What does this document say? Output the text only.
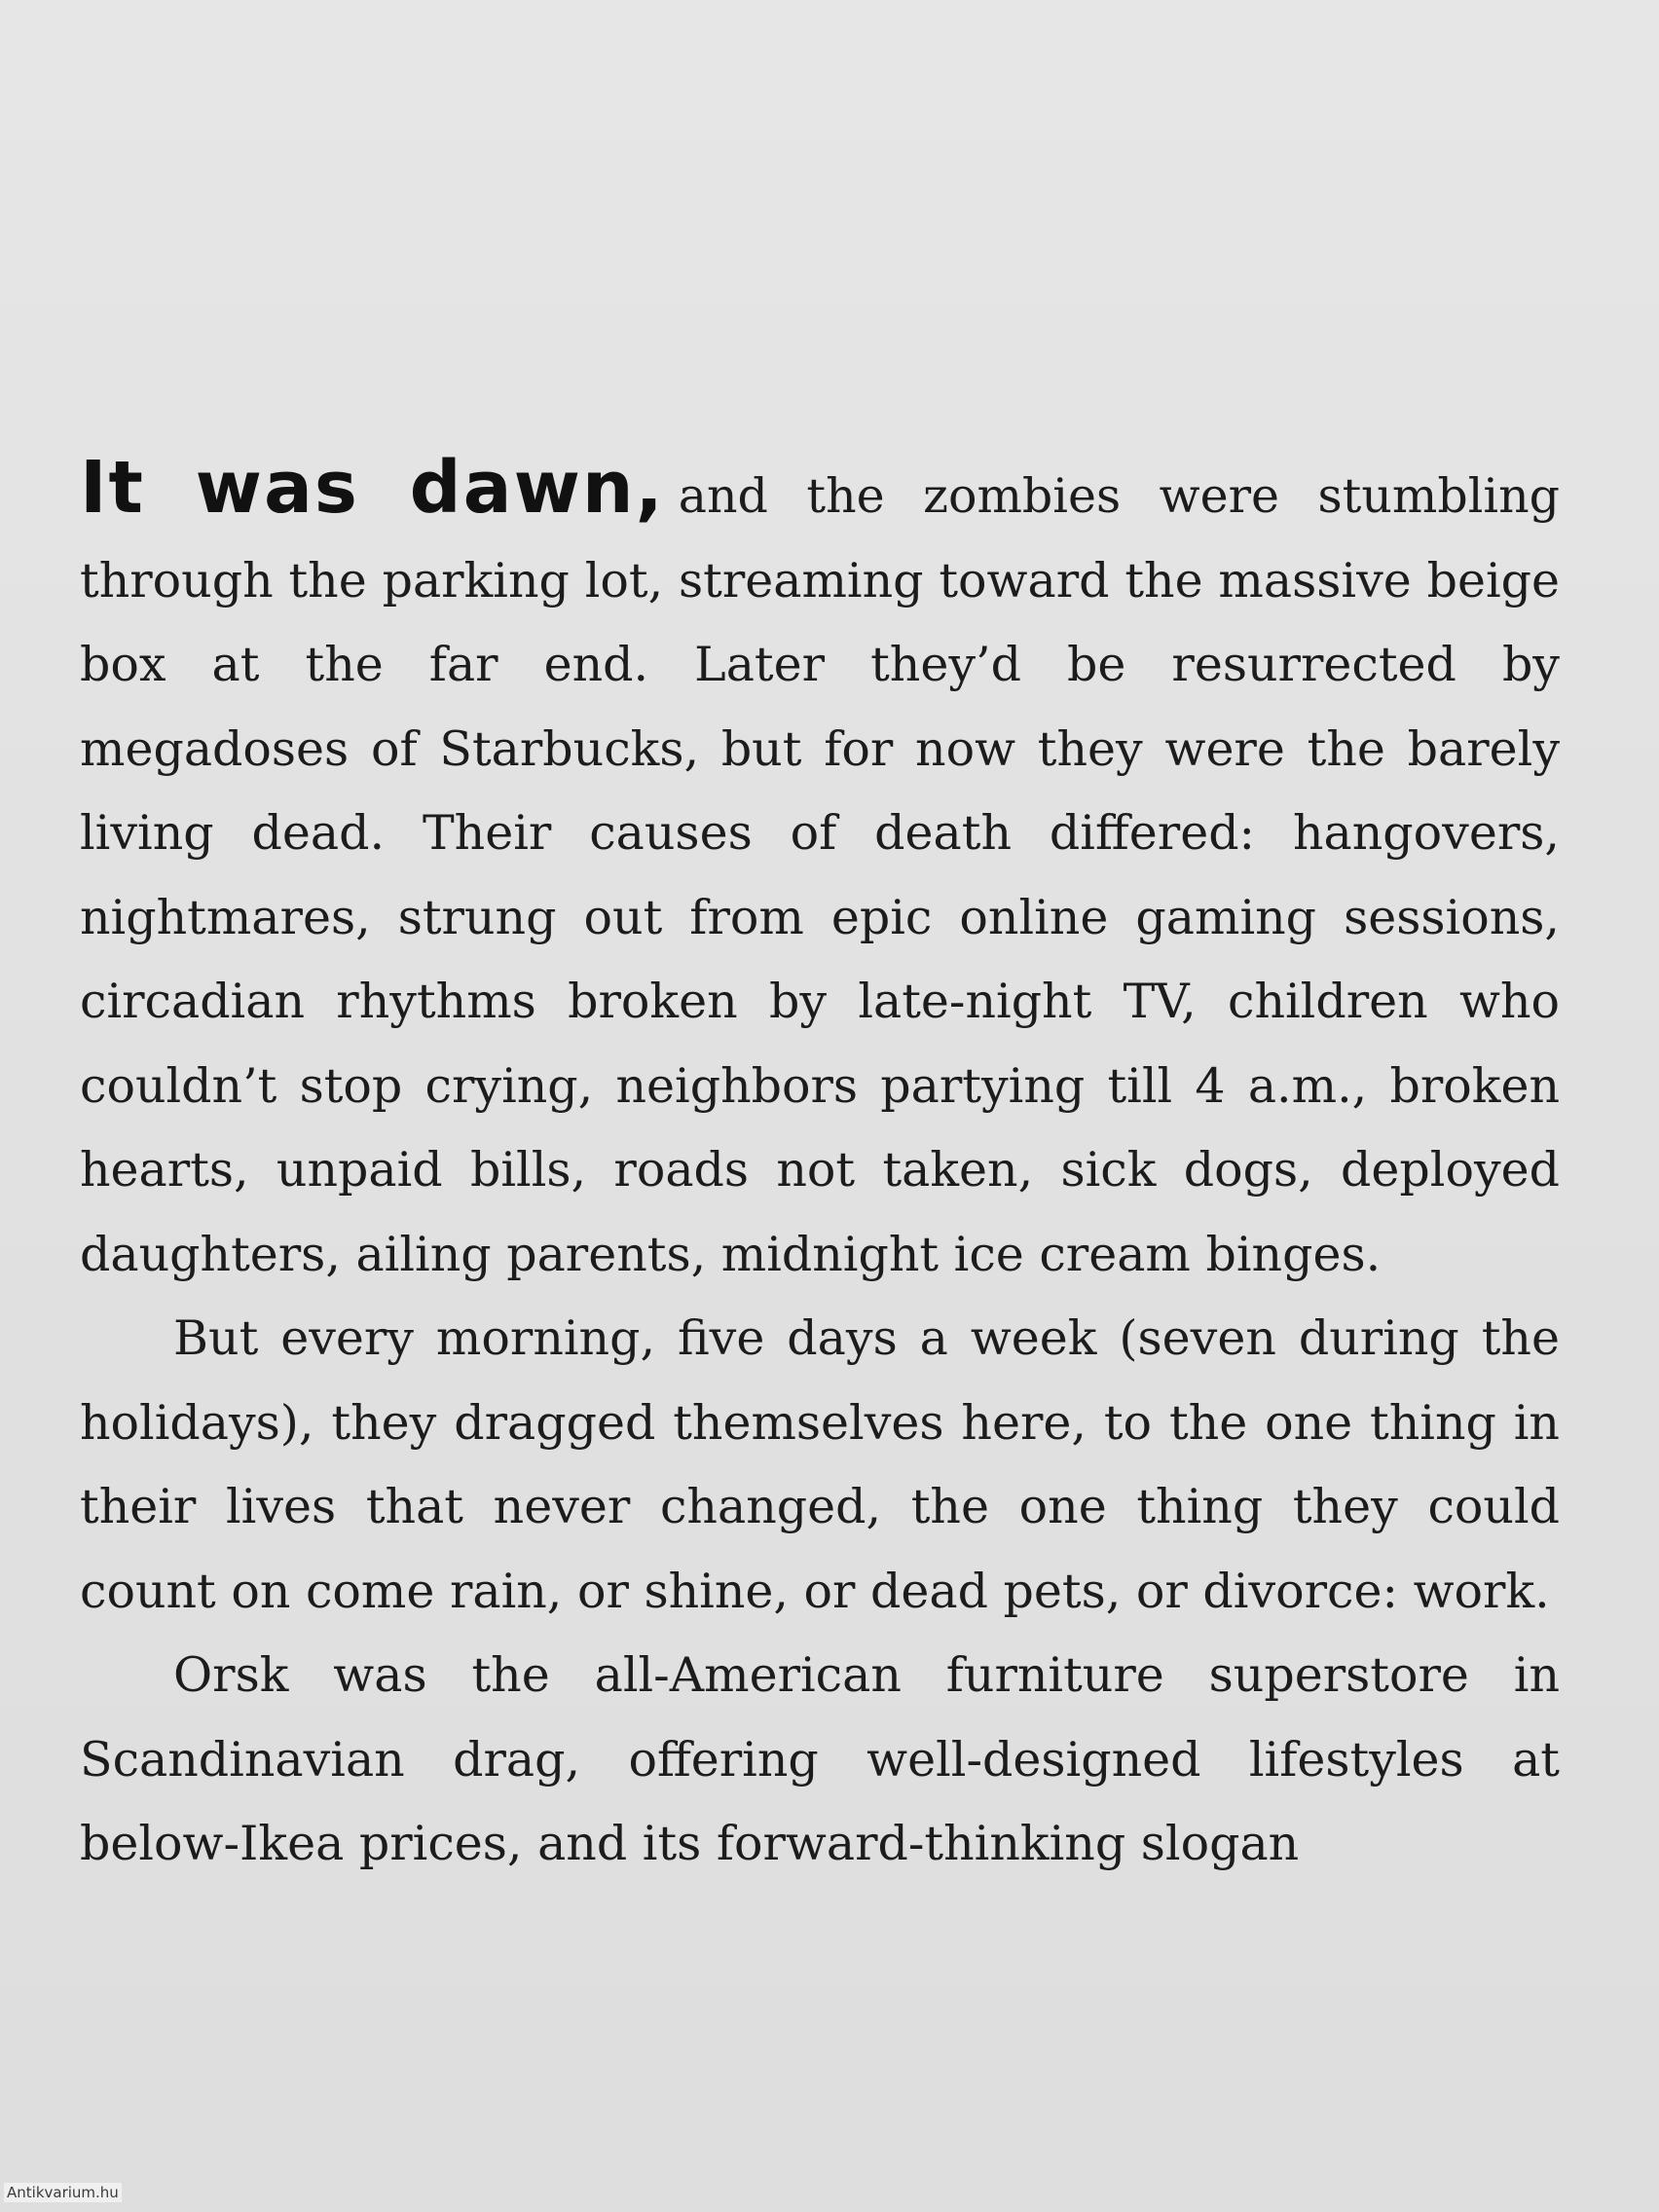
It was dawn, and the zombies were stumbling through the parking lot, streaming toward the massive beige box at the far end. Later they’d be resurrected by megadoses of Starbucks, but for now they were the barely living dead. Their causes of death differed: hangovers, nightmares, strung out from epic online gaming sessions, circadian rhythms broken by late-night TV, children who couldn’t stop crying, neighbors partying till 4 a.m., broken hearts, unpaid bills, roads not taken, sick dogs, deployed daughters, ailing parents, midnight ice cream binges.

But every morning, five days a week (seven during the holidays), they dragged themselves here, to the one thing in their lives that never changed, the one thing they could count on come rain, or shine, or dead pets, or divorce: work.

Orsk was the all-American furniture superstore in Scandinavian drag, offering well-designed lifestyles at below-Ikea prices, and its forward-thinking slogan

Antikvarium.hu
